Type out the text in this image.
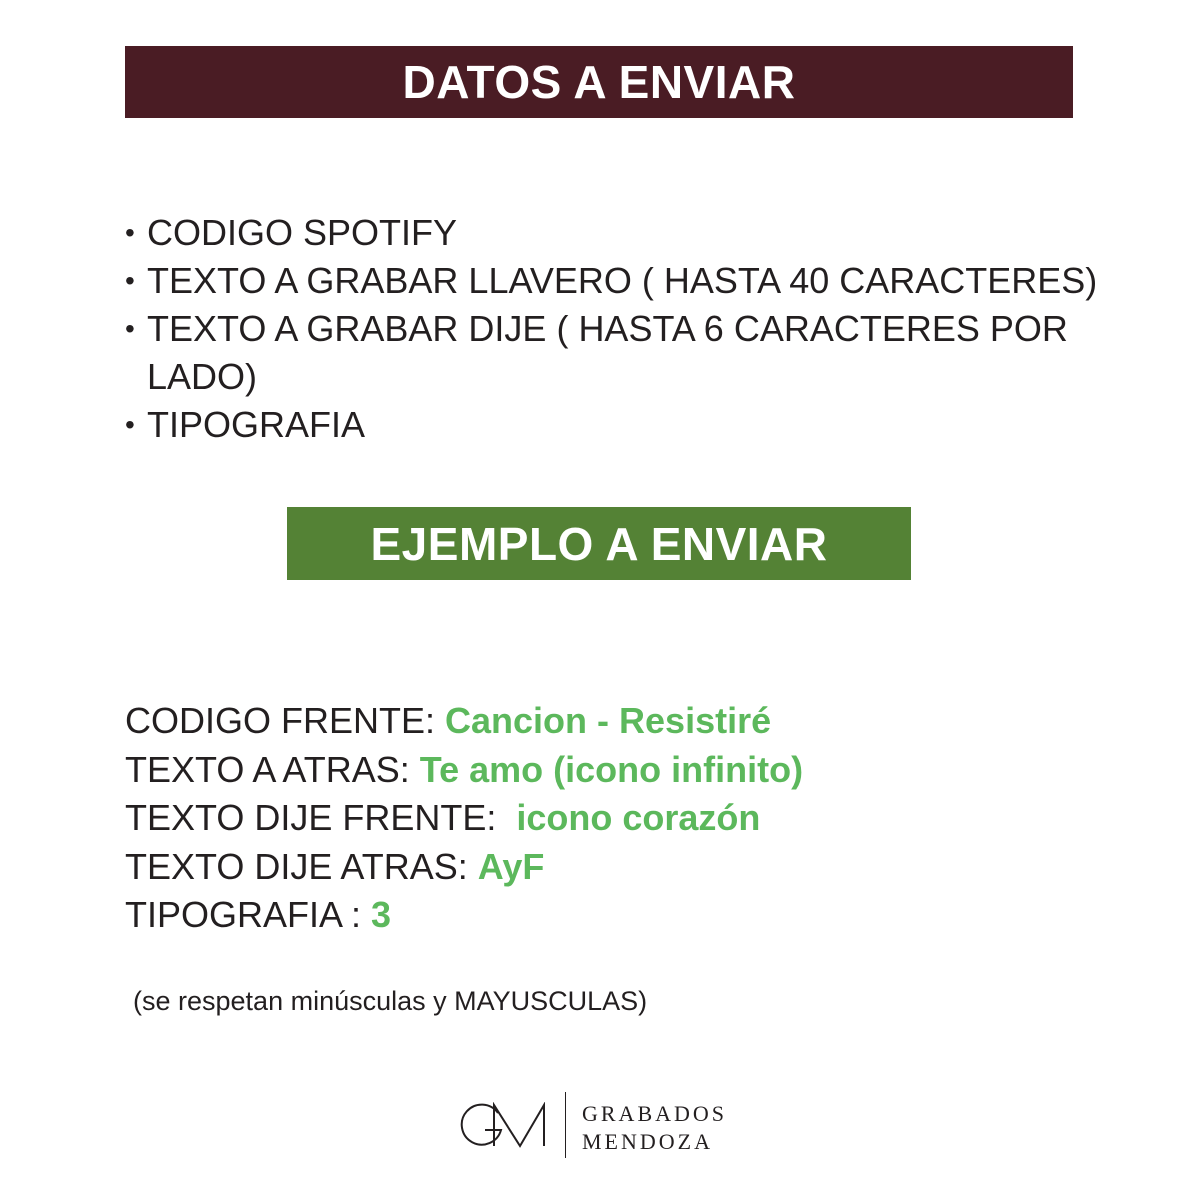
DATOS A ENVIAR
• CODIGO SPOTIFY
• TEXTO A GRABAR LLAVERO ( HASTA 40 CARACTERES)
• TEXTO A GRABAR DIJE ( HASTA 6 CARACTERES POR LADO)
• TIPOGRAFIA
EJEMPLO A ENVIAR
CODIGO FRENTE: Cancion - Resistiré
TEXTO A ATRAS: Te amo (icono infinito)
TEXTO DIJE FRENTE:  icono corazón
TEXTO DIJE ATRAS: AyF
TIPOGRAFIA : 3
(se respetan minúsculas y MAYUSCULAS)
GRABADOS
MENDOZA
